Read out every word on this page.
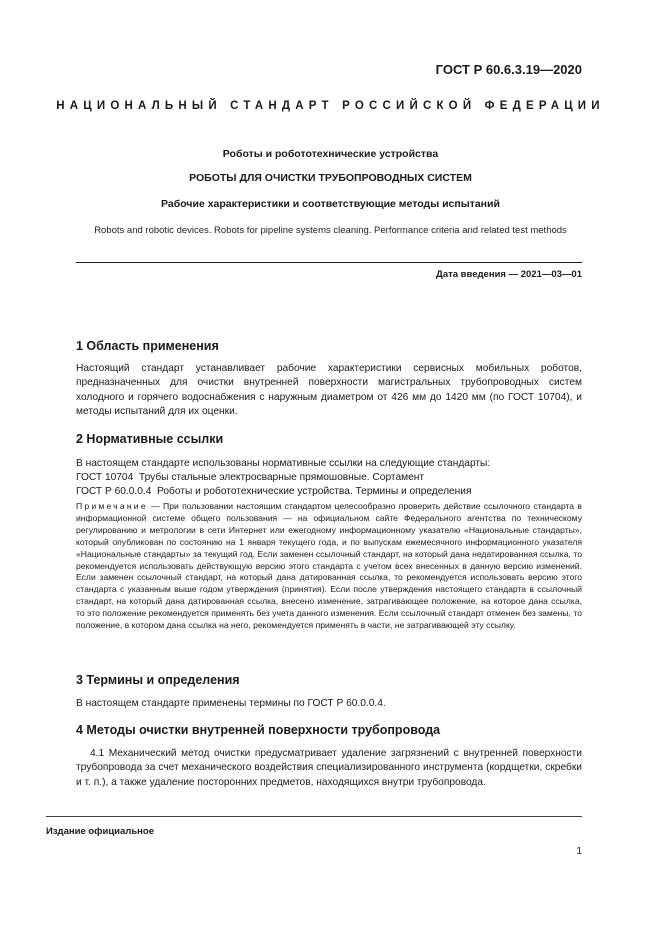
ГОСТ Р 60.6.3.19—2020
НАЦИОНАЛЬНЫЙ СТАНДАРТ РОССИЙСКОЙ ФЕДЕРАЦИИ
Роботы и робототехнические устройства
РОБОТЫ ДЛЯ ОЧИСТКИ ТРУБОПРОВОДНЫХ СИСТЕМ
Рабочие характеристики и соответствующие методы испытаний
Robots and robotic devices. Robots for pipeline systems cleaning. Performance criteria and related test methods
Дата введения — 2021—03—01
1 Область применения
Настоящий стандарт устанавливает рабочие характеристики сервисных мобильных роботов, предназначенных для очистки внутренней поверхности магистральных трубопроводных систем холодного и горячего водоснабжения с наружным диаметром от 426 мм до 1420 мм (по ГОСТ 10704), и методы испытаний для их оценки.
2 Нормативные ссылки
В настоящем стандарте использованы нормативные ссылки на следующие стандарты:
ГОСТ 10704  Трубы стальные электросварные прямошовные. Сортамент
ГОСТ Р 60.0.0.4  Роботы и робототехнические устройства. Термины и определения
Примечание — При пользовании настоящим стандартом целесообразно проверить действие ссылочного стандарта в информационной системе общего пользования — на официальном сайте Федерального агентства по техническому регулированию и метрологии в сети Интернет или ежегодному информационному указателю «Национальные стандарты», который опубликован по состоянию на 1 января текущего года, и по выпускам ежемесячного информационного указателя «Национальные стандарты» за текущий год. Если заменен ссылочный стандарт, на который дана недатированная ссылка, то рекомендуется использовать действующую версию этого стандарта с учетом всех внесенных в данную версию изменений. Если заменен ссылочный стандарт, на который дана датированная ссылка, то рекомендуется использовать версию этого стандарта с указанным выше годом утверждения (принятия). Если после утверждения настоящего стандарта в ссылочный стандарт, на который дана датированная ссылка, внесено изменение, затрагивающее положение, на которое дана ссылка, то это положение рекомендуется применять без учета данного изменения. Если ссылочный стандарт отменен без замены, то положение, в котором дана ссылка на него, рекомендуется применять в части, не затрагивающей эту ссылку.
3 Термины и определения
В настоящем стандарте применены термины по ГОСТ Р 60.0.0.4.
4 Методы очистки внутренней поверхности трубопровода
4.1 Механический метод очистки предусматривает удаление загрязнений с внутренней поверхности трубопровода за счет механического воздействия специализированного инструмента (кордщетки, скребки и т. п.), а также удаление посторонних предметов, находящихся внутри трубопровода.
Издание официальное
1
